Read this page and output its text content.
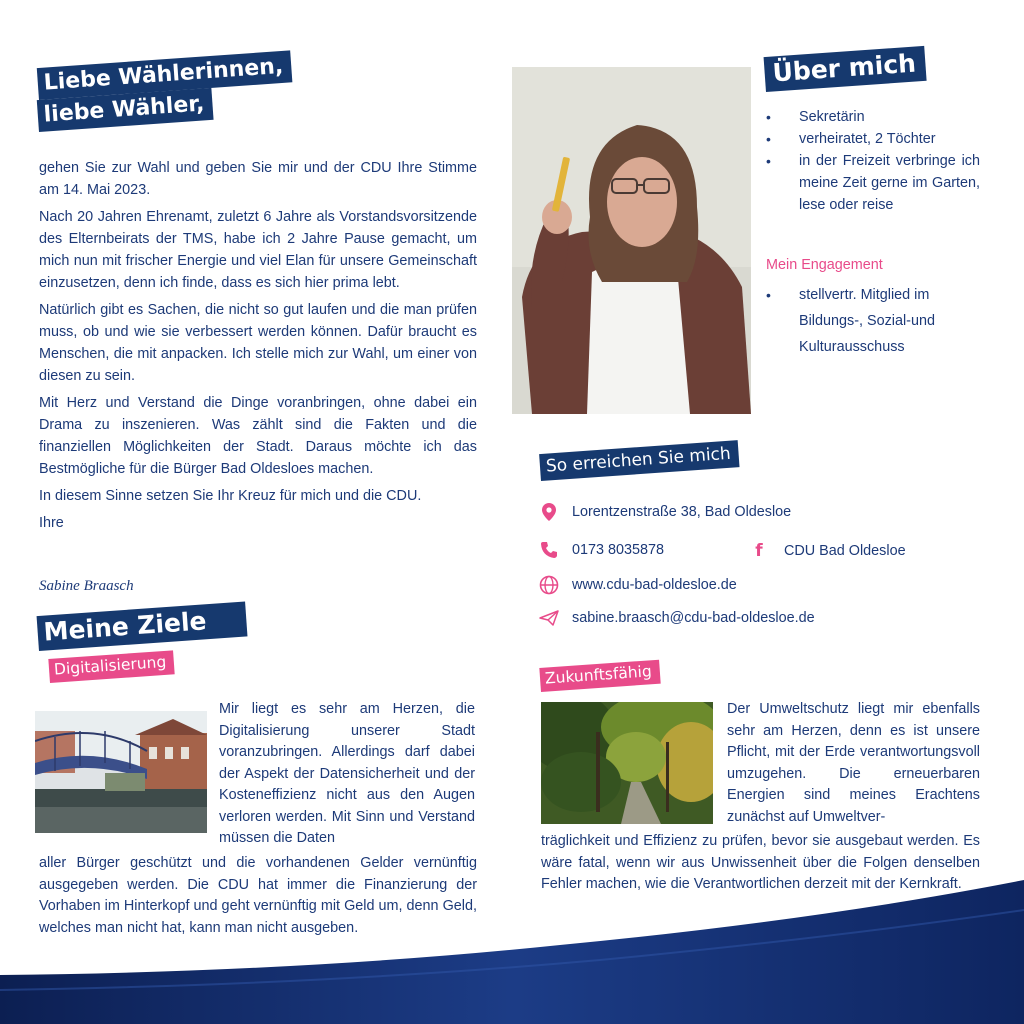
Liebe Wählerinnen,
liebe Wähler,

gehen Sie zur Wahl und geben Sie mir und der CDU Ihre Stimme am 14. Mai 2023.

Nach 20 Jahren Ehrenamt, zuletzt 6 Jahre als Vorstandsvorsitzende des Elternbeirats der TMS, habe ich 2 Jahre Pause gemacht, um mich nun mit frischer Energie und viel Elan für unsere Gemeinschaft einzusetzen, denn ich finde, dass es sich hier prima lebt.

Natürlich gibt es Sachen, die nicht so gut laufen und die man prüfen muss, ob und wie sie verbessert werden können. Dafür braucht es Menschen, die mit anpacken. Ich stelle mich zur Wahl, um einer von diesen zu sein.

Mit Herz und Verstand die Dinge voranbringen, ohne dabei ein Drama zu inszenieren. Was zählt sind die Fakten und die finanziellen Möglichkeiten der Stadt. Daraus möchte ich das Bestmögliche für die Bürger Bad Oldesloes machen.

In diesem Sinne setzen Sie Ihr Kreuz für mich und die CDU.

Ihre

Sabine Braasch
Über mich
• Sekretärin
• verheiratet, 2 Töchter
• in der Freizeit verbringe ich meine Zeit gerne im Garten, lese oder reise
Mein Engagement
• stellvertr. Mitglied im Bildungs-, Sozial-und Kulturausschuss
So erreichen Sie mich
Lorentzenstraße 38, Bad Oldesloe
0173 8035878	f CDU Bad Oldesloe
www.cdu-bad-oldesloe.de
sabine.braasch@cdu-bad-oldesloe.de
Meine Ziele
Digitalisierung
Mir liegt es sehr am Herzen, die Digitalisierung unserer Stadt voranzubringen. Allerdings darf dabei der Aspekt der Datensicherheit und der Kosteneffizienz nicht aus den Augen verloren werden. Mit Sinn und Verstand müssen die Daten
aller Bürger geschützt und die vorhandenen Gelder vernünftig ausgegeben werden. Die CDU hat immer die Finanzierung der Vorhaben im Hinterkopf und geht vernünftig mit Geld um, denn Geld, welches man nicht hat, kann man nicht ausgeben.
Zukunftsfähig
Der Umweltschutz liegt mir ebenfalls sehr am Herzen, denn es ist unsere Pflicht, mit der Erde verantwortungsvoll umzugehen. Die erneuerbaren Energien sind meines Erachtens zunächst auf Umweltver-
träglichkeit und Effizienz zu prüfen, bevor sie ausgebaut werden. Es wäre fatal, wenn wir aus Unwissenheit über die Folgen denselben Fehler machen, wie die Verantwortlichen derzeit mit der Kernkraft.
